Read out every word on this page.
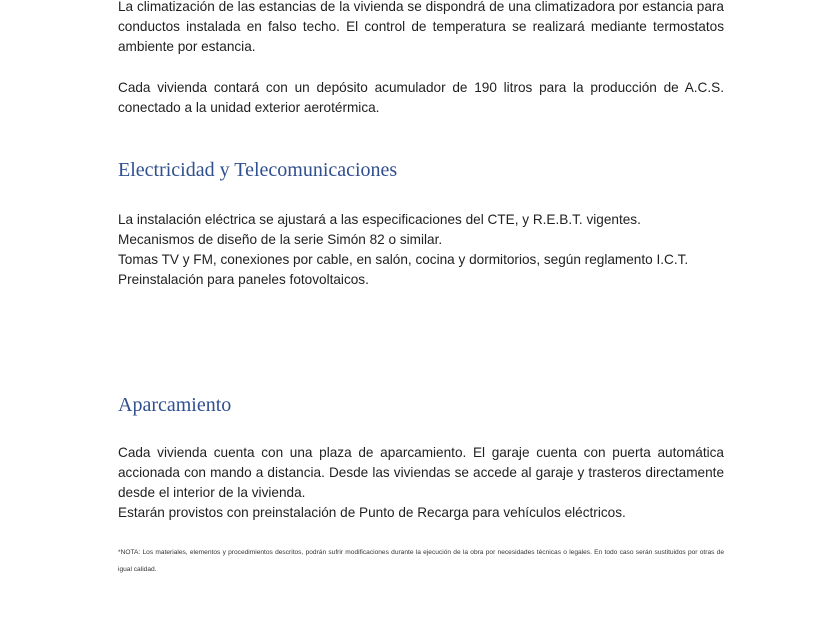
La climatización de las estancias de la vivienda se dispondrá de una climatizadora por estancia para conductos instalada en falso techo. El control de temperatura se realizará mediante termostatos ambiente por estancia.

Cada vivienda contará con un depósito acumulador de 190 litros para la producción de A.C.S. conectado a la unidad exterior aerotérmica.

Electricidad y Telecomunicaciones

La instalación eléctrica se ajustará a las especificaciones del CTE, y R.E.B.T. vigentes.

Mecanismos de diseño de la serie Simón 82 o similar.

Tomas TV y FM, conexiones por cable, en salón, cocina y dormitorios, según reglamento I.C.T.

Preinstalación para paneles fotovoltaicos.

Aparcamiento

Cada vivienda cuenta con una plaza de aparcamiento. El garaje cuenta con puerta automática accionada con mando a distancia. Desde las viviendas se accede al garaje y trasteros directamente desde el interior de la vivienda.

Estarán provistos con preinstalación de Punto de Recarga para vehículos eléctricos.

*NOTA: Los materiales, elementos y procedimientos descritos, podrán sufrir modificaciones durante la ejecución de la obra por necesidades técnicas o legales. En todo caso serán sustituidos por otras de igual calidad.
